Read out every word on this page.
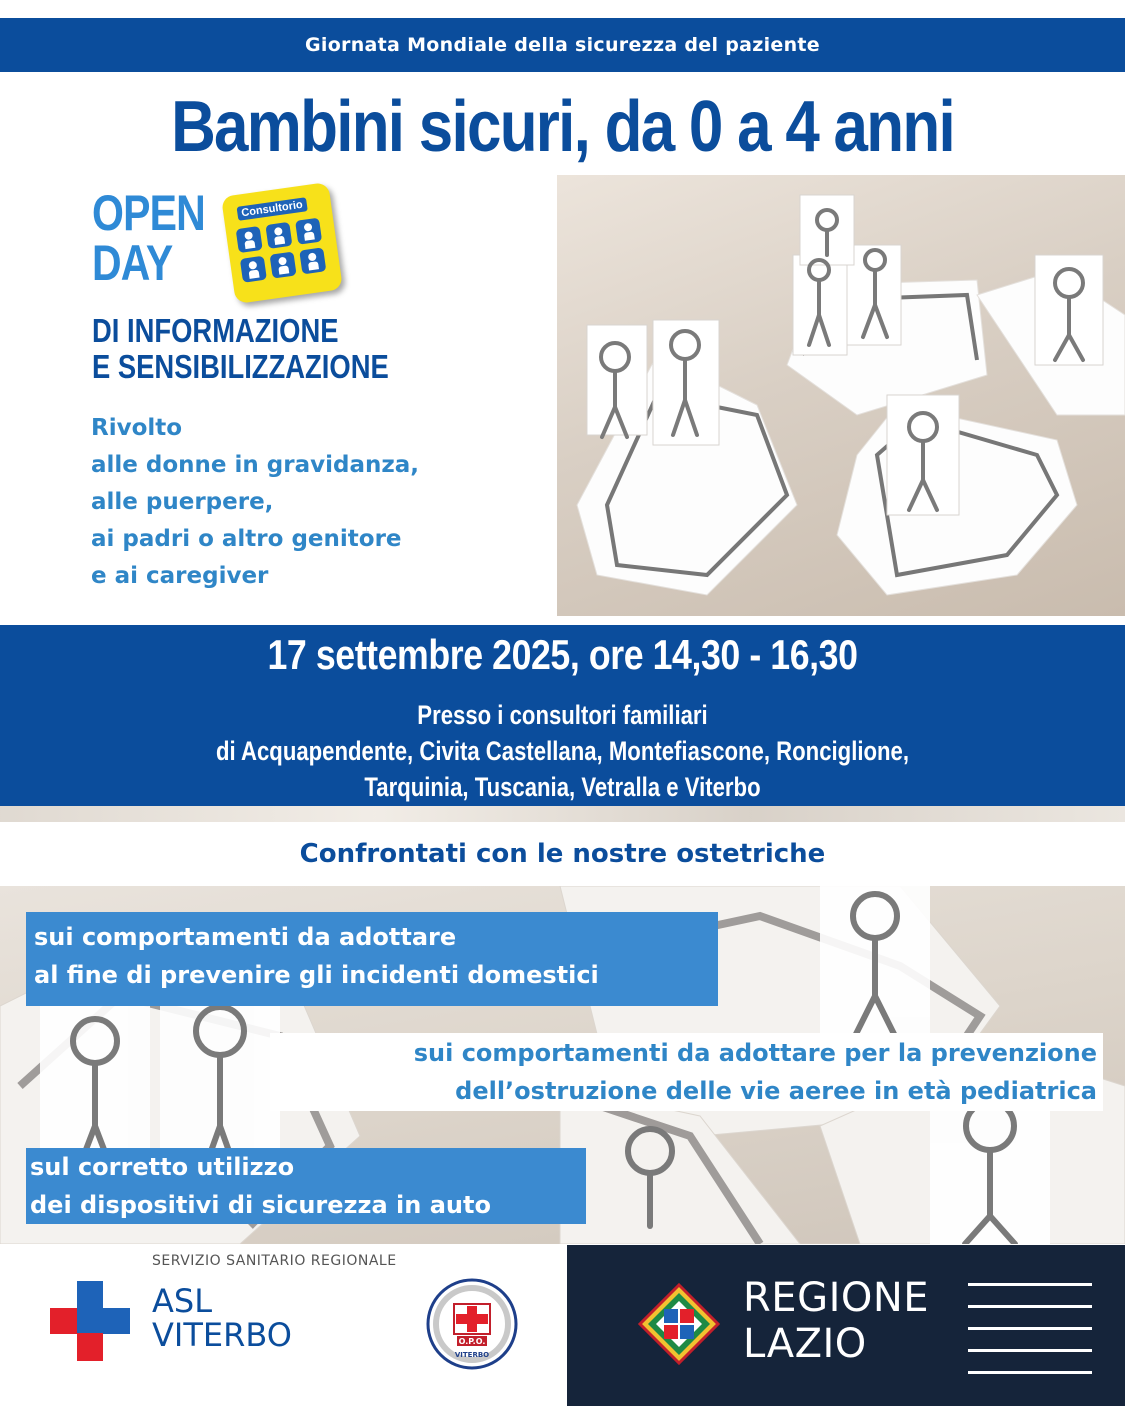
Giornata Mondiale della sicurezza del paziente
Bambini sicuri, da 0 a 4 anni
OPEN
DAY
Consultorio
DI INFORMAZIONE
E SENSIBILIZZAZIONE
Rivolto
alle donne in gravidanza,
alle puerpere,
ai padri o altro genitore
e ai caregiver
17 settembre 2025, ore 14,30 - 16,30
Presso i consultori familiari
di Acquapendente, Civita Castellana, Montefiascone, Ronciglione,
Tarquinia, Tuscania, Vetralla e Viterbo
Confrontati con le nostre ostetriche
sui comportamenti da adottare
al fine di prevenire gli incidenti domestici
sui comportamenti da adottare per la prevenzione
dell’ostruzione delle vie aeree in età pediatrica
sul corretto utilizzo
dei dispositivi di sicurezza in auto
SERVIZIO SANITARIO REGIONALE
ASL
VITERBO	O.P.O.
VITERBO
REGIONE
LAZIO
